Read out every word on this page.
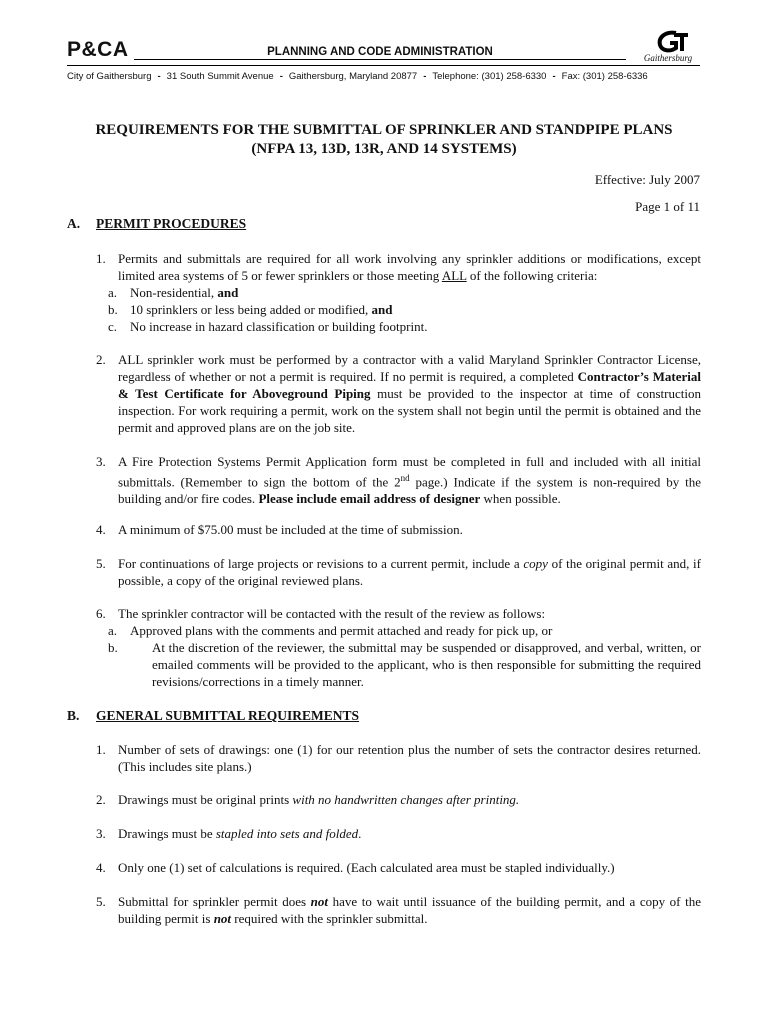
P&CA	PLANNING AND CODE ADMINISTRATION	Gaithersburg
City of Gaithersburg - 31 South Summit Avenue - Gaithersburg, Maryland 20877 - Telephone: (301) 258-6330 - Fax: (301) 258-6336
REQUIREMENTS FOR THE SUBMITTAL OF SPRINKLER AND STANDPIPE PLANS
(NFPA 13, 13D, 13R, AND 14 SYSTEMS)
Effective: July 2007
Page 1 of 11
A. PERMIT PROCEDURES
1. Permits and submittals are required for all work involving any sprinkler additions or modifications, except limited area systems of 5 or fewer sprinklers or those meeting ALL of the following criteria:
a. Non-residential, and
b. 10 sprinklers or less being added or modified, and
c. No increase in hazard classification or building footprint.
2. ALL sprinkler work must be performed by a contractor with a valid Maryland Sprinkler Contractor License, regardless of whether or not a permit is required. If no permit is required, a completed Contractor’s Material & Test Certificate for Aboveground Piping must be provided to the inspector at time of construction inspection. For work requiring a permit, work on the system shall not begin until the permit is obtained and the permit and approved plans are on the job site.
3. A Fire Protection Systems Permit Application form must be completed in full and included with all initial submittals. (Remember to sign the bottom of the 2nd page.) Indicate if the system is non-required by the building and/or fire codes. Please include email address of designer when possible.
4. A minimum of $75.00 must be included at the time of submission.
5. For continuations of large projects or revisions to a current permit, include a copy of the original permit and, if possible, a copy of the original reviewed plans.
6. The sprinkler contractor will be contacted with the result of the review as follows:
a. Approved plans with the comments and permit attached and ready for pick up, or
b.	At the discretion of the reviewer, the submittal may be suspended or disapproved, and verbal, written, or emailed comments will be provided to the applicant, who is then responsible for submitting the required revisions/corrections in a timely manner.
B. GENERAL SUBMITTAL REQUIREMENTS
1. Number of sets of drawings: one (1) for our retention plus the number of sets the contractor desires returned. (This includes site plans.)
2. Drawings must be original prints with no handwritten changes after printing.
3. Drawings must be stapled into sets and folded.
4. Only one (1) set of calculations is required. (Each calculated area must be stapled individually.)
5. Submittal for sprinkler permit does not have to wait until issuance of the building permit, and a copy of the building permit is not required with the sprinkler submittal.
